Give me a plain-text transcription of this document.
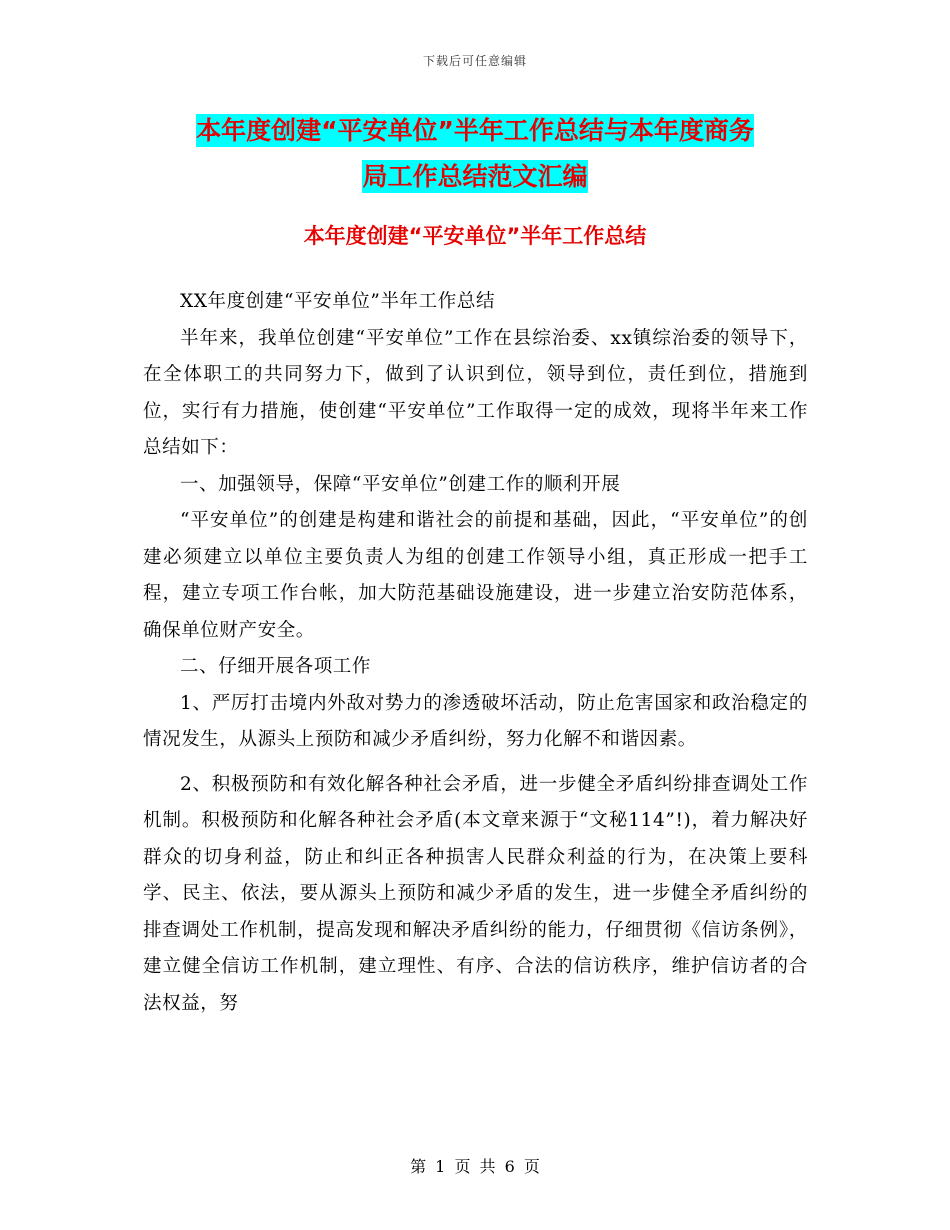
下载后可任意编辑
本年度创建“平安单位”半年工作总结与本年度商务
局工作总结范文汇编
本年度创建“平安单位”半年工作总结

XX年度创建“平安单位”半年工作总结

半年来，我单位创建“平安单位”工作在县综治委、xx镇综治委的领导下，在全体职工的共同努力下，做到了认识到位，领导到位，责任到位，措施到位，实行有力措施，使创建“平安单位”工作取得一定的成效，现将半年来工作总结如下：

一、加强领导，保障“平安单位”创建工作的顺利开展

“平安单位”的创建是构建和谐社会的前提和基础，因此，“平安单位”的创建必须建立以单位主要负责人为组的创建工作领导小组，真正形成一把手工程，建立专项工作台帐，加大防范基础设施建设，进一步建立治安防范体系，确保单位财产安全。

二、仔细开展各项工作

1、严厉打击境内外敌对势力的渗透破坏活动，防止危害国家和政治稳定的情况发生，从源头上预防和减少矛盾纠纷，努力化解不和谐因素。

2、积极预防和有效化解各种社会矛盾，进一步健全矛盾纠纷排查调处工作机制。积极预防和化解各种社会矛盾(本文章来源于“文秘114”!)，着力解决好群众的切身利益，防止和纠正各种损害人民群众利益的行为，在决策上要科学、民主、依法，要从源头上预防和减少矛盾的发生，进一步健全矛盾纠纷的排查调处工作机制，提高发现和解决矛盾纠纷的能力，仔细贯彻《信访条例》，建立健全信访工作机制，建立理性、有序、合法的信访秩序，维护信访者的合法权益，努

第 1 页 共 6 页
